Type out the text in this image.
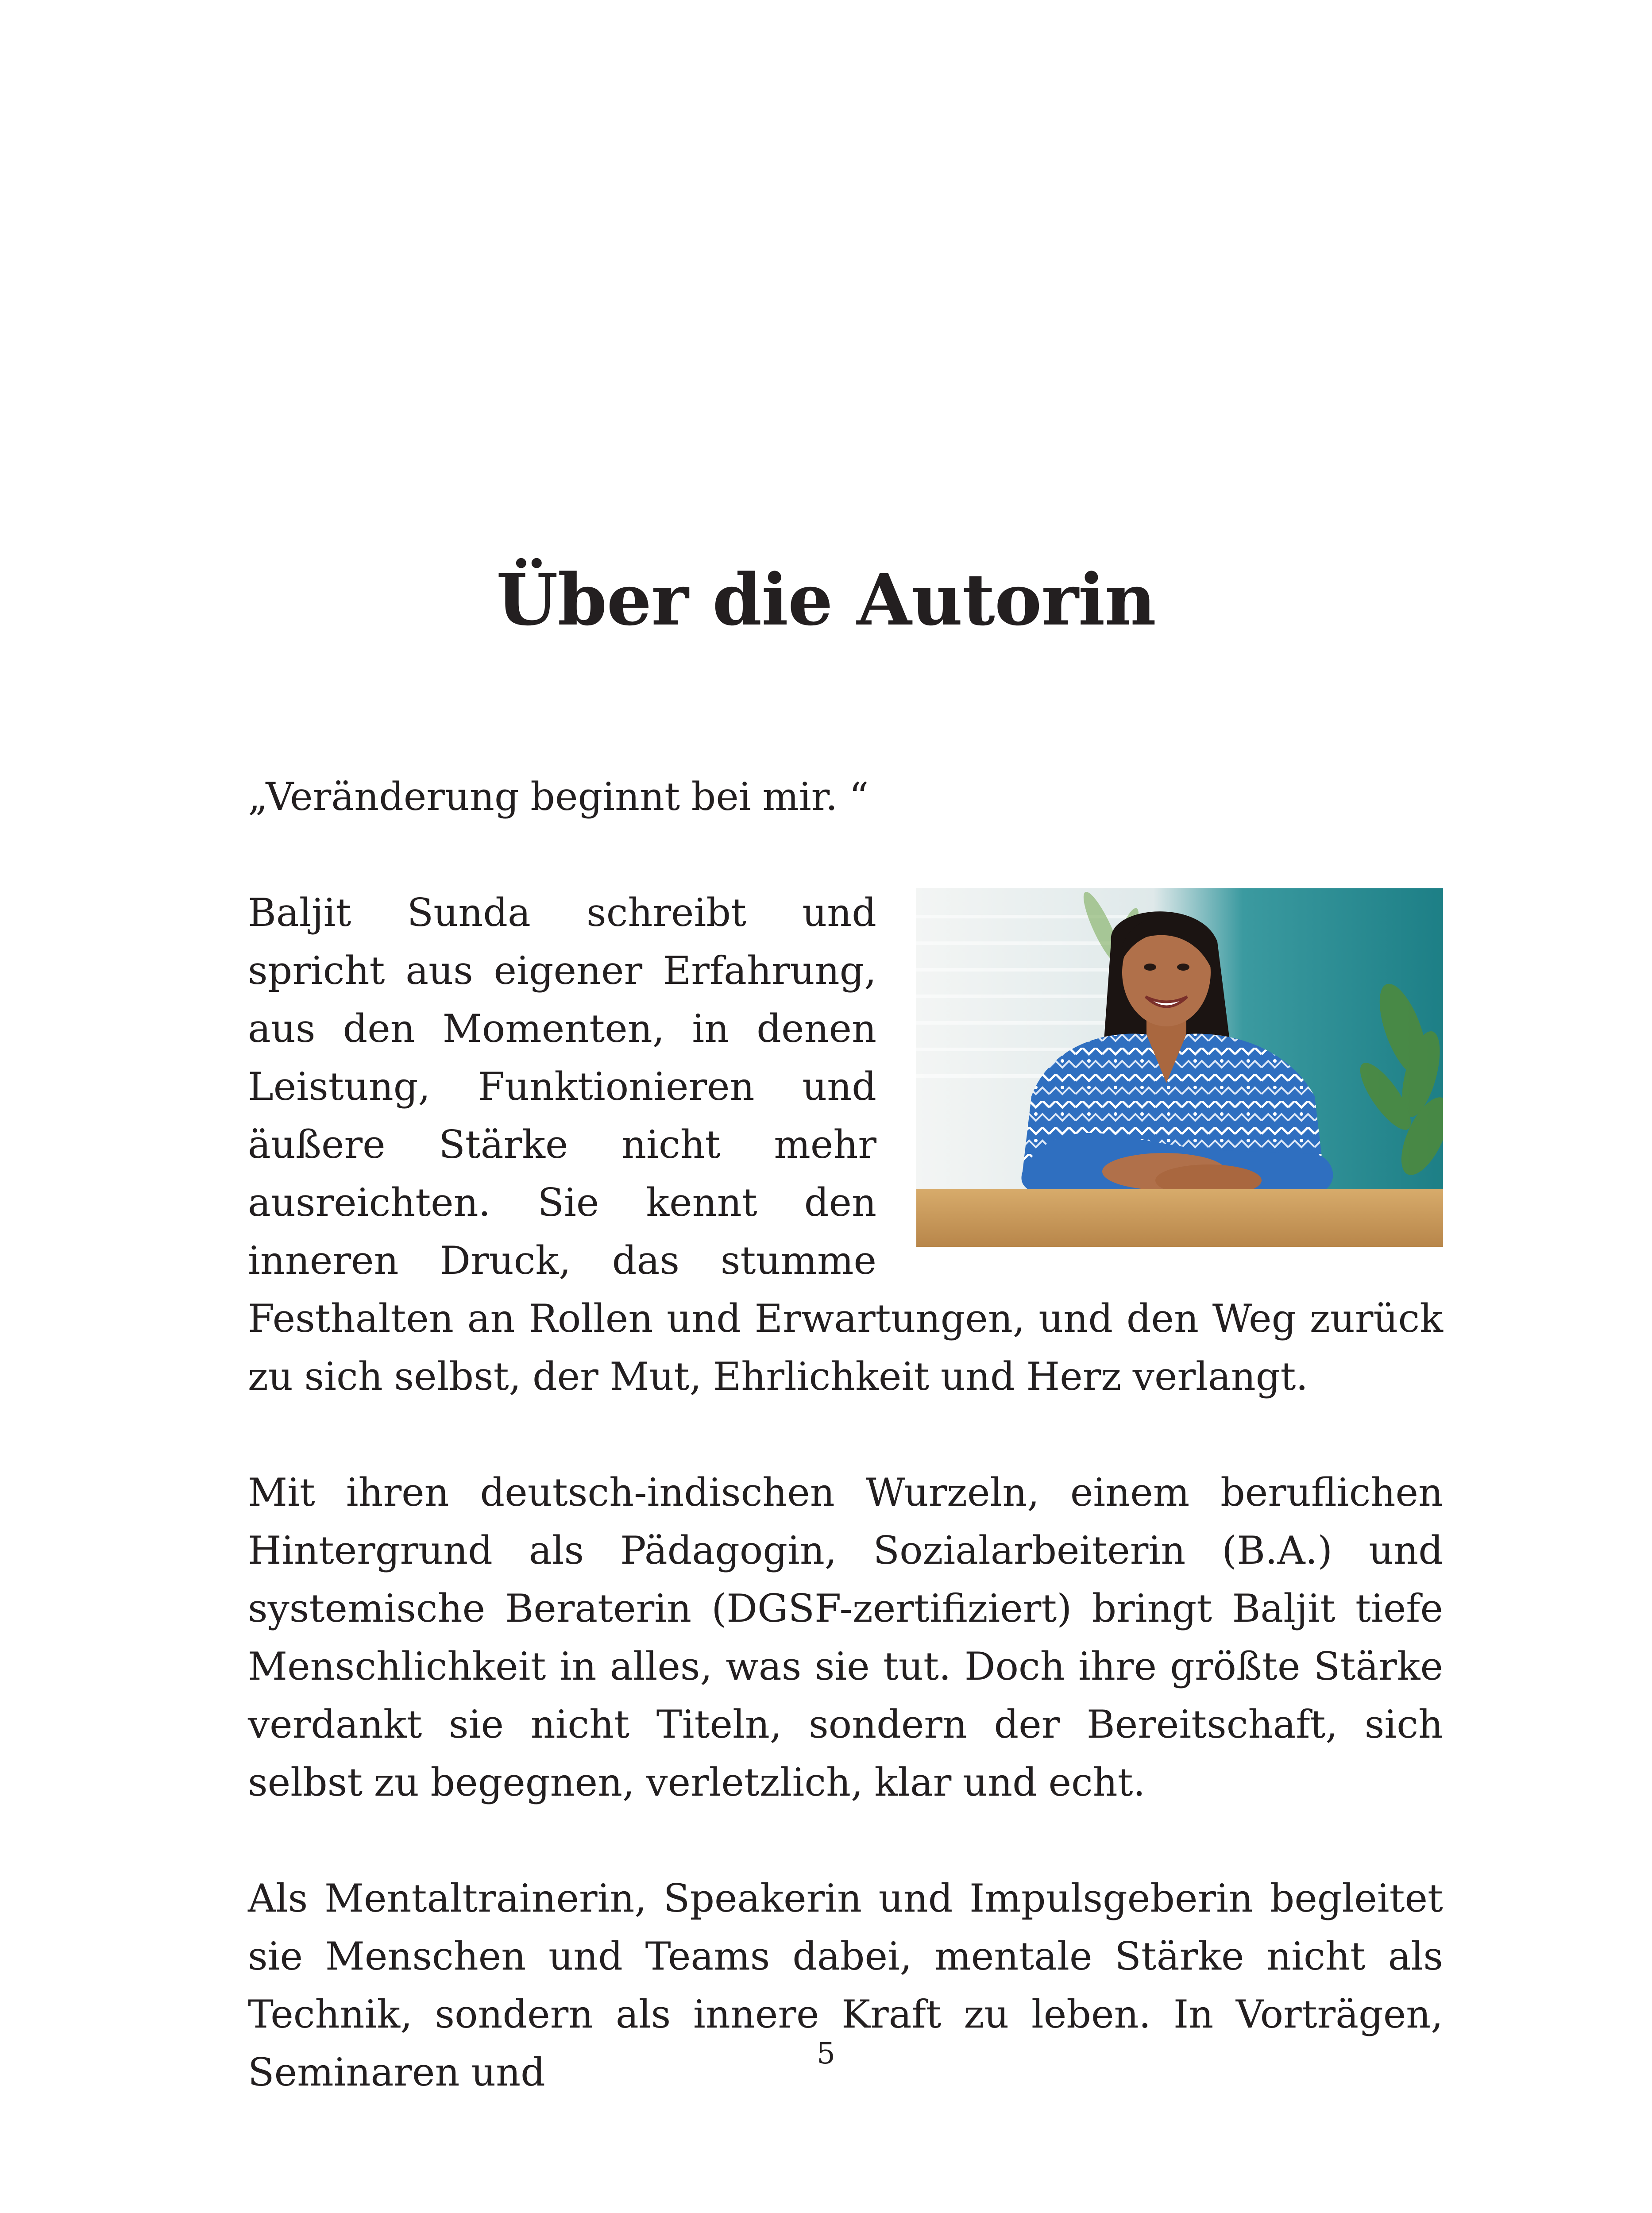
Über die Autorin

„Veränderung beginnt bei mir. “

Baljit Sunda schreibt und spricht aus eigener Erfahrung, aus den Momenten, in denen Leistung, Funktionieren und äußere Stärke nicht mehr ausreichten. Sie kennt den inneren Druck, das stumme Festhalten an Rollen und Erwartungen, und den Weg zurück zu sich selbst, der Mut, Ehrlichkeit und Herz verlangt.

Mit ihren deutsch-indischen Wurzeln, einem beruflichen Hintergrund als Pädagogin, Sozialarbeiterin (B.A.) und systemische Beraterin (DGSF-zertifiziert) bringt Baljit tiefe Menschlichkeit in alles, was sie tut. Doch ihre größte Stärke verdankt sie nicht Titeln, sondern der Bereitschaft, sich selbst zu begegnen, verletzlich, klar und echt.

Als Mentaltrainerin, Speakerin und Impulsgeberin begleitet sie Menschen und Teams dabei, mentale Stärke nicht als Technik, sondern als innere Kraft zu leben. In Vorträgen, Seminaren und	5
